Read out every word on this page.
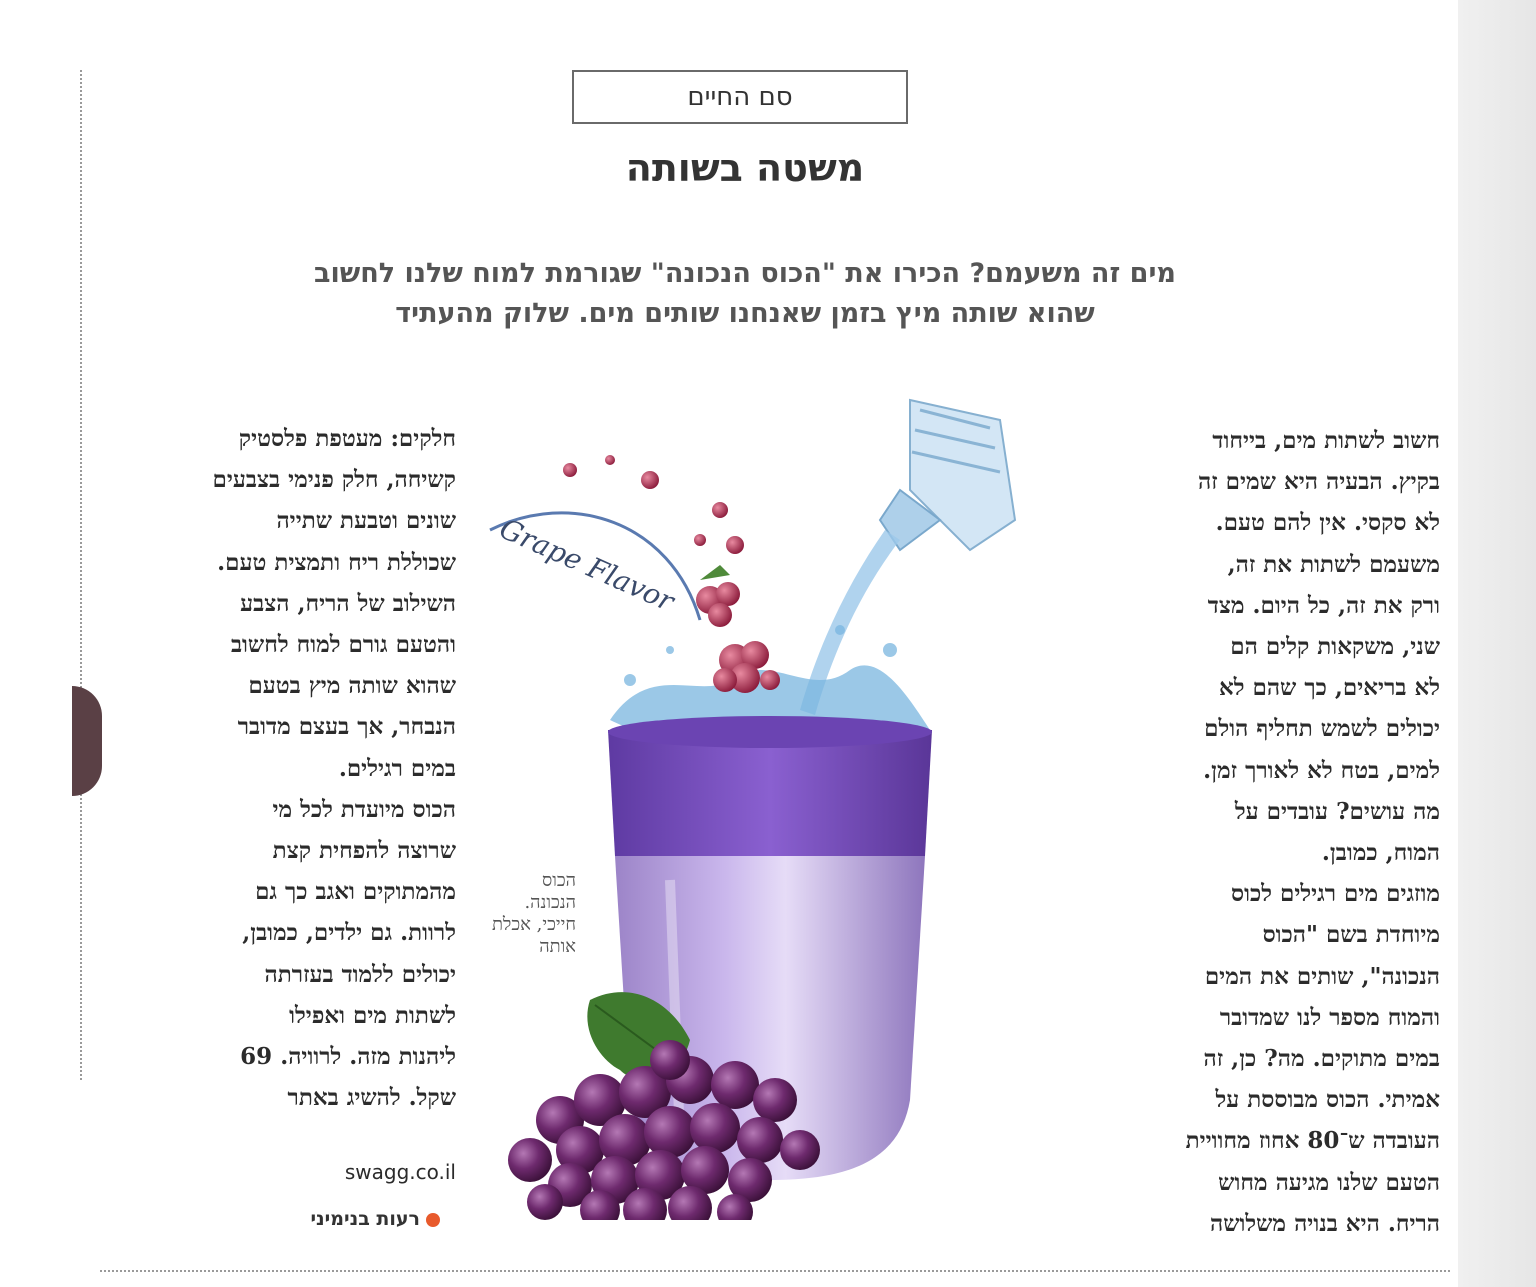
סם החיים
משטה בשותה
מים זה משעמם? הכירו את "הכוס הנכונה" שגורמת למוח שלנו לחשוב
שהוא שותה מיץ בזמן שאנחנו שותים מים. שלוק מהעתיד
Grape Flavor
הכוס
הנכונה.
חייכי, אכלת
אותה
חשוב לשתות מים, בייחוד
בקיץ. הבעיה היא שמים זה
לא סקסי. אין להם טעם.
משעמם לשתות את זה,
ורק את זה, כל היום. מצד
שני, משקאות קלים הם
לא בריאים, כך שהם לא
יכולים לשמש תחליף הולם
למים, בטח לא לאורך זמן.
מה עושים? עובדים על
המוח, כמובן.
מוזגים מים רגילים לכוס
מיוחדת בשם "הכוס
הנכונה", שותים את המים
והמוח מספר לנו שמדובר
במים מתוקים. מה? כן, זה
אמיתי. הכוס מבוססת על
העובדה ש־80 אחוז מחוויית
הטעם שלנו מגיעה מחוש
הריח. היא בנויה משלושה
חלקים: מעטפת פלסטיק
קשיחה, חלק פנימי בצבעים
שונים וטבעת שתייה
שכוללת ריח ותמצית טעם.
השילוב של הריח, הצבע
והטעם גורם למוח לחשוב
שהוא שותה מיץ בטעם
הנבחר, אך בעצם מדובר
במים רגילים.
הכוס מיועדת לכל מי
שרוצה להפחית קצת
מהמתוקים ואגב כך גם
לרוות. גם ילדים, כמובן,
יכולים ללמוד בעזרתה
לשתות מים ואפילו
ליהנות מזה. לרוויה. 69
שקל. להשיג באתר
swagg.co.il
רעות בנימיני
